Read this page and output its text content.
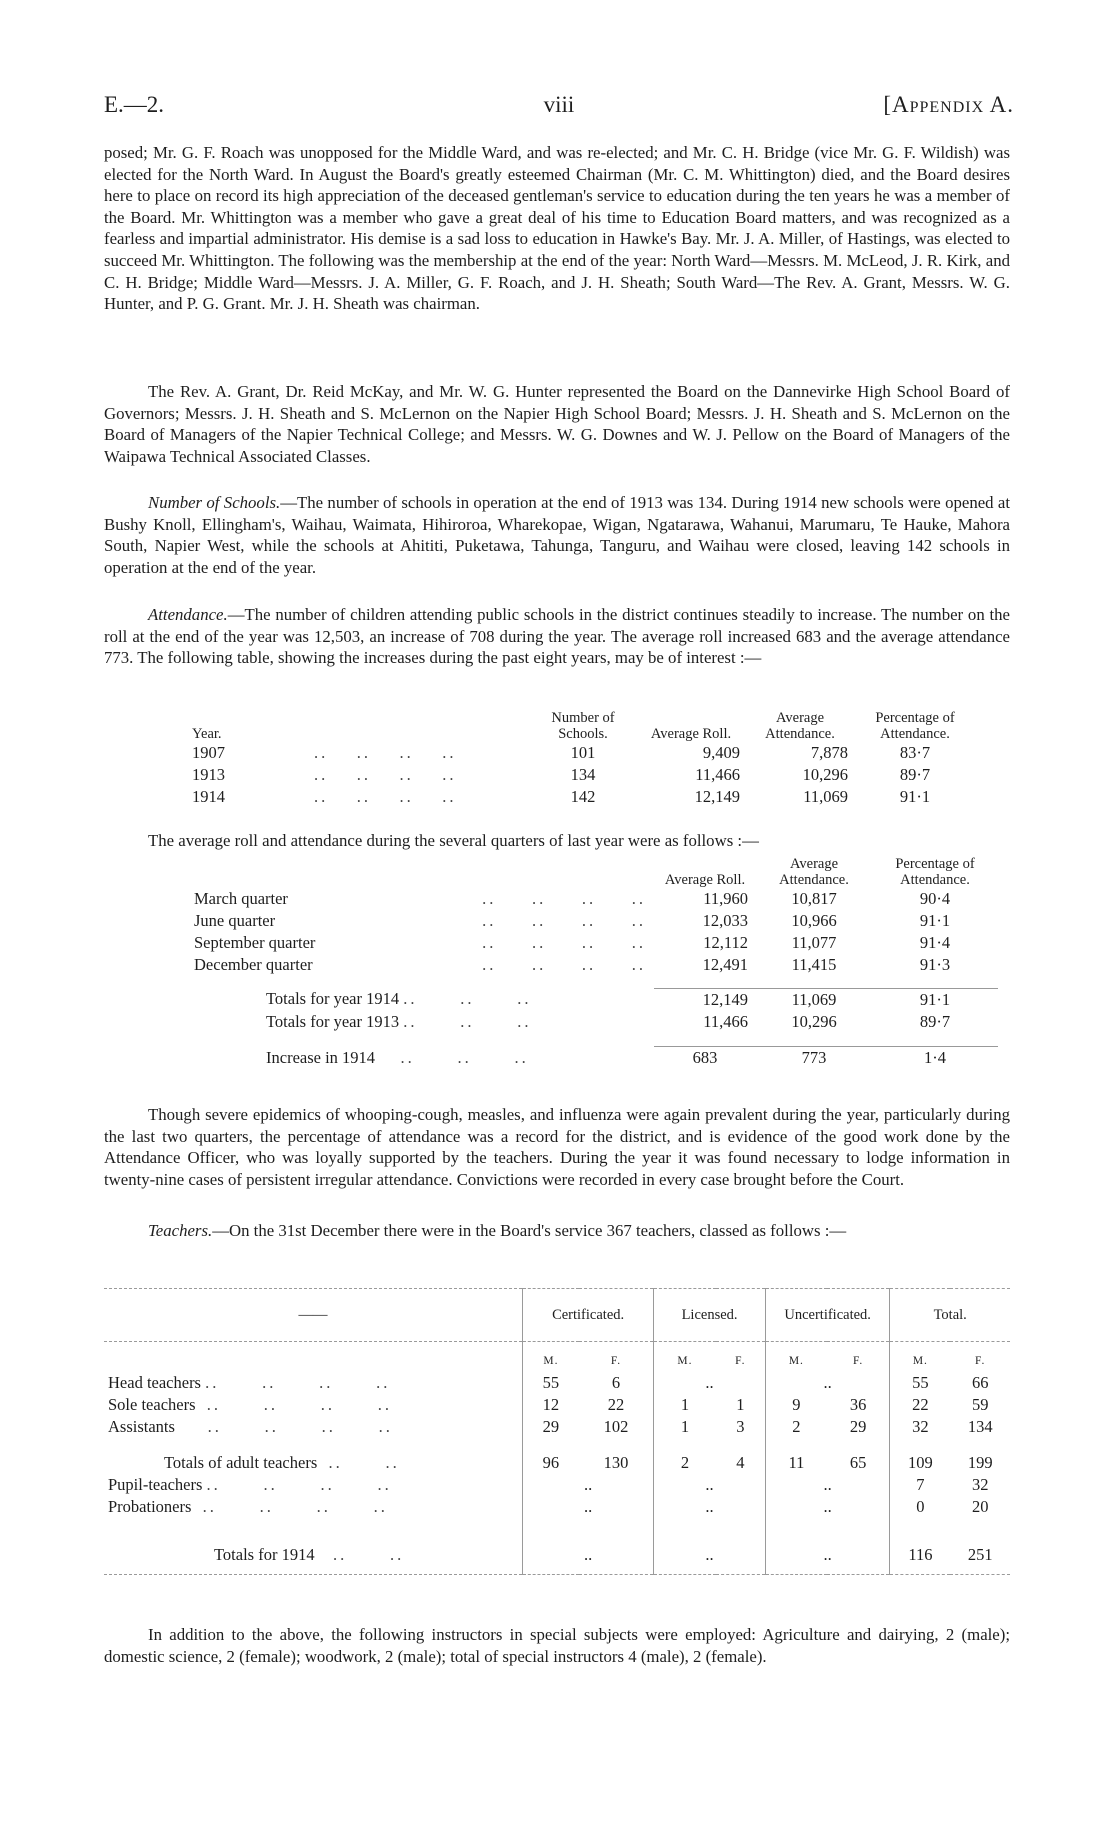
E.—2.	viii	[Appendix A.

posed; Mr. G. F. Roach was unopposed for the Middle Ward, and was re-elected; and Mr. C. H. Bridge (vice Mr. G. F. Wildish) was elected for the North Ward. In August the Board's greatly esteemed Chairman (Mr. C. M. Whittington) died, and the Board desires here to place on record its high appreciation of the deceased gentleman's service to education during the ten years he was a member of the Board. Mr. Whittington was a member who gave a great deal of his time to Education Board matters, and was recognized as a fearless and impartial administrator. His demise is a sad loss to education in Hawke's Bay. Mr. J. A. Miller, of Hastings, was elected to succeed Mr. Whittington. The following was the membership at the end of the year: North Ward—Messrs. M. McLeod, J. R. Kirk, and C. H. Bridge; Middle Ward—Messrs. J. A. Miller, G. F. Roach, and J. H. Sheath; South Ward—The Rev. A. Grant, Messrs. W. G. Hunter, and P. G. Grant. Mr. J. H. Sheath was chairman.

The Rev. A. Grant, Dr. Reid McKay, and Mr. W. G. Hunter represented the Board on the Dannevirke High School Board of Governors; Messrs. J. H. Sheath and S. McLernon on the Napier High School Board; Messrs. J. H. Sheath and S. McLernon on the Board of Managers of the Napier Technical College; and Messrs. W. G. Downes and W. J. Pellow on the Board of Managers of the Waipawa Technical Associated Classes.

Number of Schools.—The number of schools in operation at the end of 1913 was 134. During 1914 new schools were opened at Bushy Knoll, Ellingham's, Waihau, Waimata, Hihiroroa, Wharekopae, Wigan, Ngatarawa, Wahanui, Marumaru, Te Hauke, Mahora South, Napier West, while the schools at Ahititi, Puketawa, Tahunga, Tanguru, and Waihau were closed, leaving 142 schools in operation at the end of the year.

Attendance.—The number of children attending public schools in the district continues steadily to increase. The number on the roll at the end of the year was 12,503, an increase of 708 during the year. The average roll increased 683 and the average attendance 773. The following table, showing the increases during the past eight years, may be of interest :—

Year.		Number of Schools.	Average Roll.	Average Attendance.	Percentage of Attendance.
1907	..    ..    ..    ..	101	9,409	7,878	83·7
1913	..    ..    ..    ..	134	11,466	10,296	89·7
1914	..    ..    ..    ..	142	12,149	11,069	91·1

The average roll and attendance during the several quarters of last year were as follows :—

		Average Roll.	Average Attendance.	Percentage of Attendance.
March quarter	..     ..     ..     ..	11,960	10,817	90·4
June quarter	..     ..     ..     ..	12,033	10,966	91·1
September quarter	..     ..     ..     ..	12,112	11,077	91·4
December quarter	..     ..     ..     ..	12,491	11,415	91·3

Totals for year 1914 ..      ..      ..		12,149	11,069	91·1
Totals for year 1913 ..      ..      ..		11,466	10,296	89·7

Increase in 1914    ..      ..      ..		683	773	1·4

Though severe epidemics of whooping-cough, measles, and influenza were again prevalent during the year, particularly during the last two quarters, the percentage of attendance was a record for the district, and is evidence of the good work done by the Attendance Officer, who was loyally supported by the teachers. During the year it was found necessary to lodge information in twenty-nine cases of persistent irregular attendance. Convictions were recorded in every case brought before the Court.

Teachers.—On the 31st December there were in the Board's service 367 teachers, classed as follows :—

——	Certificated.		Licensed.		Uncertificated.		Total.	
	M.	F.	M.	F.	M.	F.	M.	F.
Head teachers ..      ..      ..      ..	55	6	..		..		55	66
Sole teachers  ..      ..      ..      ..	12	22	1	1	9	36	22	59
Assistants     ..      ..      ..      ..	29	102	1	3	2	29	32	134

Totals of adult teachers  ..      ..	96	130	2	4	11	65	109	199
Pupil-teachers ..      ..      ..      ..	..		..		..		7	32
Probationers  ..      ..      ..      ..	..		..		..		0	20

Totals for 1914   ..      ..	..		..		..		116	251

In addition to the above, the following instructors in special subjects were employed: Agriculture and dairying, 2 (male); domestic science, 2 (female); woodwork, 2 (male); total of special instructors 4 (male), 2 (female).
